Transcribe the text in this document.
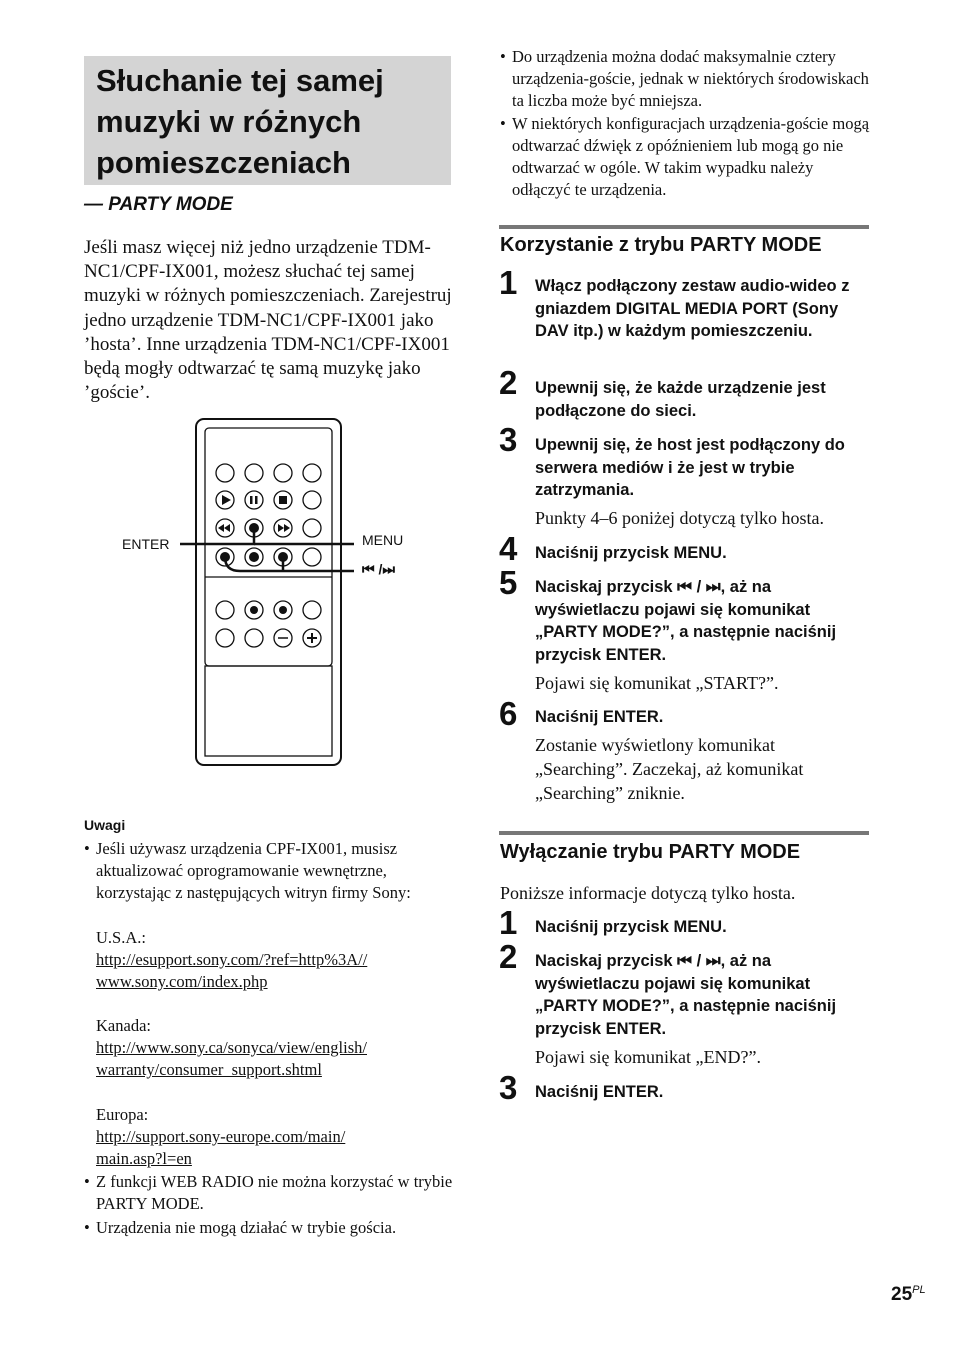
Słuchanie tej samej muzyki w różnych pomieszczeniach
— PARTY MODE
Jeśli masz więcej niż jedno urządzenie TDM-NC1/CPF-IX001, możesz słuchać tej samej muzyki w różnych pomieszczeniach. Zarejestruj jedno urządzenie TDM-NC1/CPF-IX001 jako ’hosta’. Inne urządzenia TDM-NC1/CPF-IX001 będą mogły odtwarzać tę samą muzykę jako ’goście’.
ENTER	MENU
⏮ /⏭
Uwagi
• Jeśli używasz urządzenia CPF-IX001, musisz aktualizować oprogramowanie wewnętrzne, korzystając z następujących witryn firmy Sony:
U.S.A.:
http://esupport.sony.com/?ref=http%3A//
www.sony.com/index.php
Kanada:
http://www.sony.ca/sonyca/view/english/
warranty/consumer_support.shtml
Europa:
http://support.sony-europe.com/main/
main.asp?l=en
• Z funkcji WEB RADIO nie można korzystać w trybie PARTY MODE.
• Urządzenia nie mogą działać w trybie gościa.
• Do urządzenia można dodać maksymalnie cztery urządzenia-goście, jednak w niektórych środowiskach ta liczba może być mniejsza.
• W niektórych konfiguracjach urządzenia-goście mogą odtwarzać dźwięk z opóźnieniem lub mogą go nie odtwarzać w ogóle. W takim wypadku należy odłączyć te urządzenia.
Korzystanie z trybu PARTY MODE
1 Włącz podłączony zestaw audio-wideo z gniazdem DIGITAL MEDIA PORT (Sony DAV itp.) w każdym pomieszczeniu.
2 Upewnij się, że każde urządzenie jest podłączone do sieci.
3 Upewnij się, że host jest podłączony do serwera mediów i że jest w trybie zatrzymania.
Punkty 4–6 poniżej dotyczą tylko hosta.
4 Naciśnij przycisk MENU.
5 Naciskaj przycisk ⏮ / ⏭, aż na wyświetlaczu pojawi się komunikat „PARTY MODE?”, a następnie naciśnij przycisk ENTER.
Pojawi się komunikat „START?”.
6 Naciśnij ENTER.
Zostanie wyświetlony komunikat „Searching”. Zaczekaj, aż komunikat „Searching” zniknie.
Wyłączanie trybu PARTY MODE
Poniższe informacje dotyczą tylko hosta.
1 Naciśnij przycisk MENU.
2 Naciskaj przycisk ⏮ / ⏭, aż na wyświetlaczu pojawi się komunikat „PARTY MODE?”, a następnie naciśnij przycisk ENTER.
Pojawi się komunikat „END?”.
3 Naciśnij ENTER.
$25^{PL}$
